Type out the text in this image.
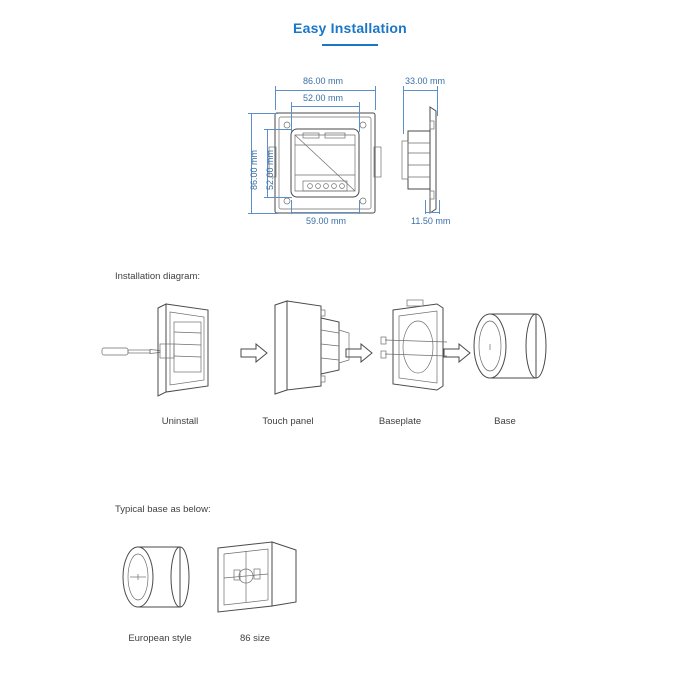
Easy Installation
86.00 mm
52.00 mm
86.00 mm 52.00 mm
59.00 mm
33.00 mm
11.50 mm
Installation diagram:
Uninstall	Touch panel	Baseplate	Base
Typical base as below:
European style	86 size
